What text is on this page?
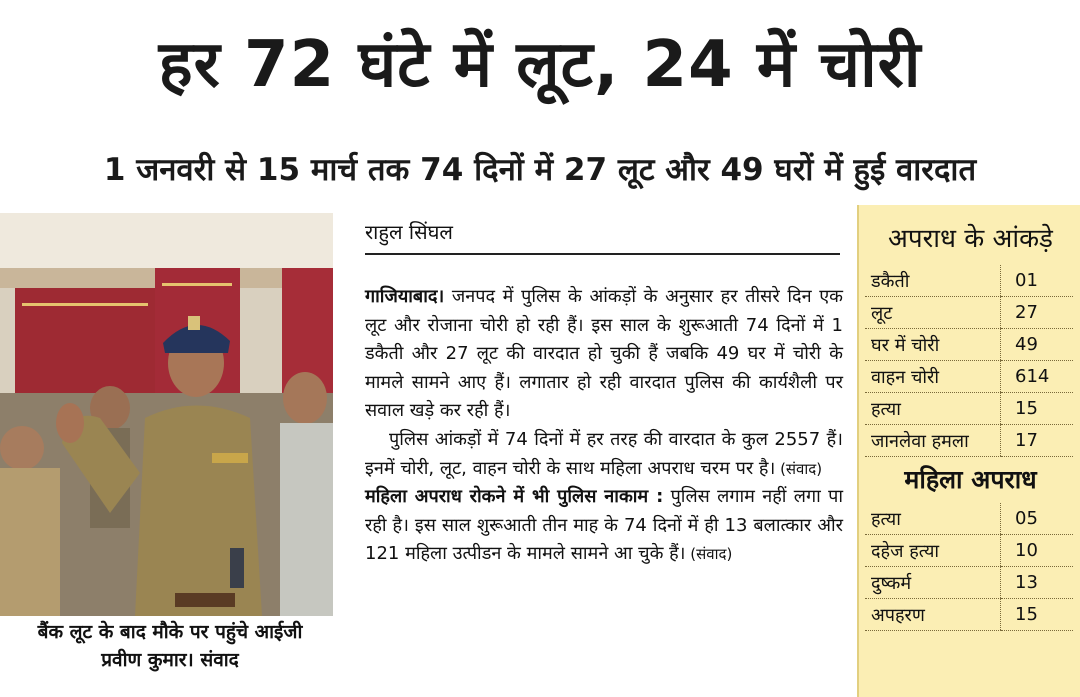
हर 72 घंटे में लूट, 24 में चोरी
1 जनवरी से 15 मार्च तक 74 दिनों में 27 लूट और 49 घरों में हुई वारदात
बैंक लूट के बाद मौके पर पहुंचे आईजी
प्रवीण कुमार। संवाद
राहुल सिंघल

गाजियाबाद। जनपद में पुलिस के आंकड़ों के अनुसार हर तीसरे दिन एक लूट और रोजाना चोरी हो रही हैं। इस साल के शुरूआती 74 दिनों में 1 डकैती और 27 लूट की वारदात हो चुकी हैं जबकि 49 घर में चोरी के मामले सामने आए हैं। लगातार हो रही वारदात पुलिस की कार्यशैली पर सवाल खड़े कर रही हैं।

पुलिस आंकड़ों में 74 दिनों में हर तरह की वारदात के कुल 2557 हैं। इनमें चोरी, लूट, वाहन चोरी के साथ महिला अपराध चरम पर है। (संवाद)

महिला अपराध रोकने में भी पुलिस नाकाम : पुलिस लगाम नहीं लगा पा रही है। इस साल शुरूआती तीन माह के 74 दिनों में ही 13 बलात्कार और 121 महिला उत्पीडन के मामले सामने आ चुके हैं। (संवाद)

अपराध के आंकड़े
डकैती	01
लूट	27
घर में चोरी	49
वाहन चोरी	614
हत्या	15
जानलेवा हमला	17
महिला अपराध
हत्या	05
दहेज हत्या	10
दुष्कर्म	13
अपहरण	15
